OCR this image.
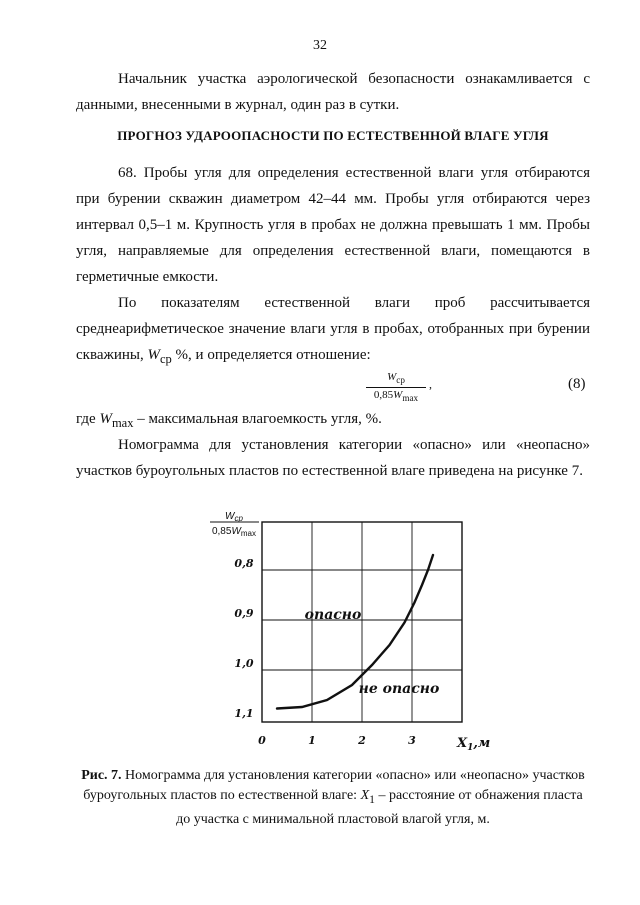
32

Начальник участка аэрологической безопасности ознакамливается с данными, внесенными в журнал, один раз в сутки.

ПРОГНОЗ УДАРООПАСНОСТИ ПО ЕСТЕСТВЕННОЙ ВЛАГЕ УГЛЯ

68. Пробы угля для определения естественной влаги угля отбираются при бурении скважин диаметром 42–44 мм. Пробы угля отбираются через интервал 0,5–1 м. Крупность угля в пробах не должна превышать 1 мм. Пробы угля, направляемые для определения естественной влаги, помещаются в герметичные емкости.

По показателям естественной влаги проб рассчитывается среднеарифметическое значение влаги угля в пробах, отобранных при бурении скважины, $W_{ср}$ %, и определяется отношение:

$W_{ср}$
$0,85W_{max}$
,	(8)

где $W_{max}$ – максимальная влагоемкость угля, %.

Номограмма для установления категории «опасно» или «неопасно» участков буроугольных пластов по естественной влаге приведена на рисунке 7.

$W_{ср}$
$0,85W_{max}$
0,8
0,9
1,0
1,1
0	1	2	3
опасно
не опасно
$X_1,м$
Рис. 7. Номограмма для установления категории «опасно» или «неопасно» участков буроугольных пластов по естественной влаге: $X_1$ – расстояние от обнажения пласта до участка с минимальной пластовой влагой угля, м.
